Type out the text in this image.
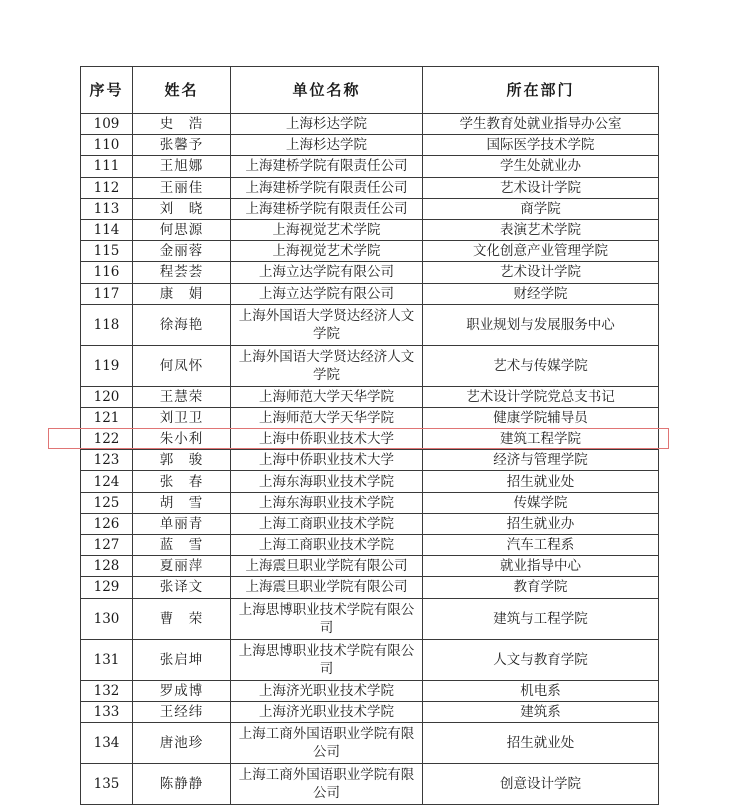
序号	姓名	单位名称	所在部门
109	史　浩	上海杉达学院	学生教育处就业指导办公室
110	张馨予	上海杉达学院	国际医学技术学院
111	王旭娜	上海建桥学院有限责任公司	学生处就业办
112	王丽佳	上海建桥学院有限责任公司	艺术设计学院
113	刘　晓	上海建桥学院有限责任公司	商学院
114	何思源	上海视觉艺术学院	表演艺术学院
115	金丽蓉	上海视觉艺术学院	文化创意产业管理学院
116	程荟荟	上海立达学院有限公司	艺术设计学院
117	康　娟	上海立达学院有限公司	财经学院
118	徐海艳	上海外国语大学贤达经济人文学院	职业规划与发展服务中心
119	何凤怀	上海外国语大学贤达经济人文学院	艺术与传媒学院
120	王慧荣	上海师范大学天华学院	艺术设计学院党总支书记
121	刘卫卫	上海师范大学天华学院	健康学院辅导员
122	朱小利	上海中侨职业技术大学	建筑工程学院
123	郭　骏	上海中侨职业技术大学	经济与管理学院
124	张　春	上海东海职业技术学院	招生就业处
125	胡　雪	上海东海职业技术学院	传媒学院
126	单丽青	上海工商职业技术学院	招生就业办
127	蓝　雪	上海工商职业技术学院	汽车工程系
128	夏丽萍	上海震旦职业学院有限公司	就业指导中心
129	张译文	上海震旦职业学院有限公司	教育学院
130	曹　荣	上海思博职业技术学院有限公司	建筑与工程学院
131	张启坤	上海思博职业技术学院有限公司	人文与教育学院
132	罗成博	上海济光职业技术学院	机电系
133	王经纬	上海济光职业技术学院	建筑系
134	唐池珍	上海工商外国语职业学院有限公司	招生就业处
135	陈静静	上海工商外国语职业学院有限公司	创意设计学院
